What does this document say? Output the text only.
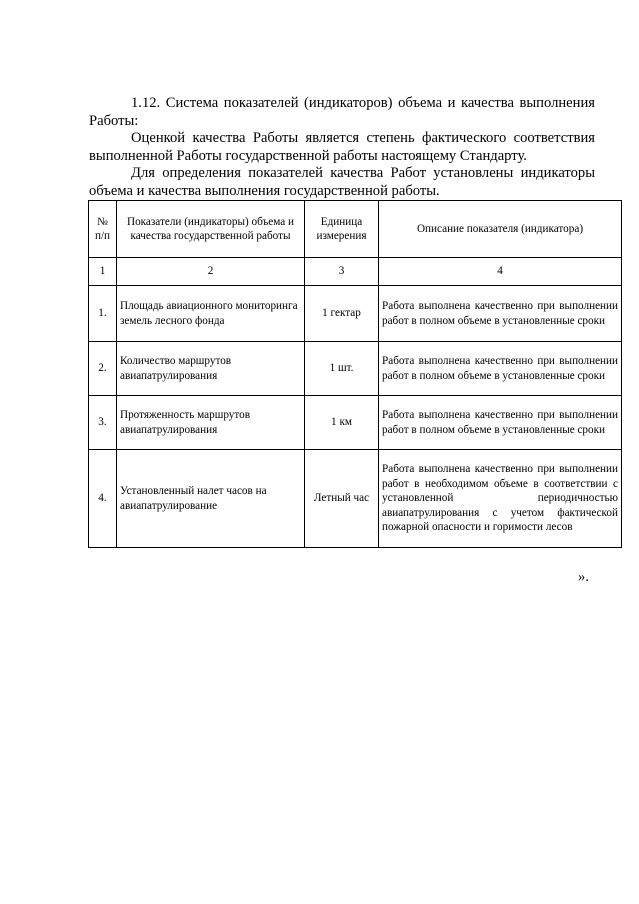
1.12. Система показателей (индикаторов) объема и качества выполнения Работы:

Оценкой качества Работы является степень фактического соответствия выполненной Работы государственной работы настоящему Стандарту.

Для определения показателей качества Работ установлены индикаторы объема и качества выполнения государственной работы.

№ п/п	Показатели (индикаторы) объема и качества государственной работы	Единица измерения	Описание показателя (индикатора)
1	2	3	4
1.	Площадь авиационного мониторинга земель лесного фонда	1 гектар	Работа выполнена качественно при выполнении работ в полном объеме в установленные сроки
2.	Количество маршрутов авиапатрулирования	1 шт.	Работа выполнена качественно при выполнении работ в полном объеме в установленные сроки
3.	Протяженность маршрутов авиапатрулирования	1 км	Работа выполнена качественно при выполнении работ в полном объеме в установленные сроки
4.	Установленный налет часов на авиапатрулирование	Летный час	Работа выполнена качественно при выполнении работ в необходимом объеме в соответствии с установленной периодичностью авиапатрулирования с учетом фактической пожарной опасности и горимости лесов
».
